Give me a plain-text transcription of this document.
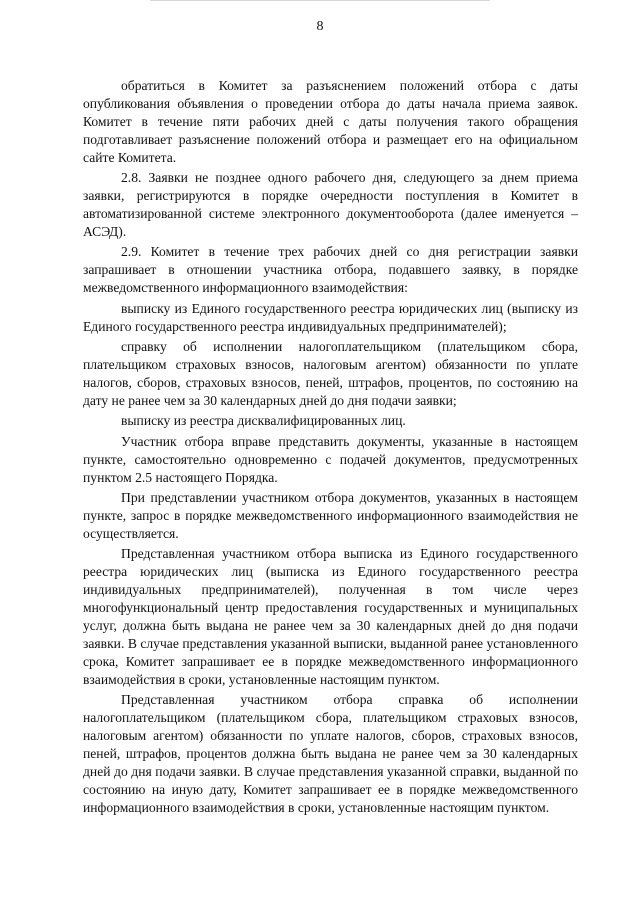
8

обратиться в Комитет за разъяснением положений отбора с даты опубликования объявления о проведении отбора до даты начала приема заявок. Комитет в течение пяти рабочих дней с даты получения такого обращения подготавливает разъяснение положений отбора и размещает его на официальном сайте Комитета.

2.8. Заявки не позднее одного рабочего дня, следующего за днем приема заявки, регистрируются в порядке очередности поступления в Комитет в автоматизированной системе электронного документооборота (далее именуется – АСЭД).

2.9. Комитет в течение трех рабочих дней со дня регистрации заявки запрашивает в отношении участника отбора, подавшего заявку, в порядке межведомственного информационного взаимодействия:

выписку из Единого государственного реестра юридических лиц (выписку из Единого государственного реестра индивидуальных предпринимателей);

справку об исполнении налогоплательщиком (плательщиком сбора, плательщиком страховых взносов, налоговым агентом) обязанности по уплате налогов, сборов, страховых взносов, пеней, штрафов, процентов, по состоянию на дату не ранее чем за 30 календарных дней до дня подачи заявки;

выписку из реестра дисквалифицированных лиц.

Участник отбора вправе представить документы, указанные в настоящем пункте, самостоятельно одновременно с подачей документов, предусмотренных пунктом 2.5 настоящего Порядка.

При представлении участником отбора документов, указанных в настоящем пункте, запрос в порядке межведомственного информационного взаимодействия не осуществляется.

Представленная участником отбора выписка из Единого государственного реестра юридических лиц (выписка из Единого государственного реестра индивидуальных предпринимателей), полученная в том числе через многофункциональный центр предоставления государственных и муниципальных услуг, должна быть выдана не ранее чем за 30 календарных дней до дня подачи заявки. В случае представления указанной выписки, выданной ранее установленного срока, Комитет запрашивает ее в порядке межведомственного информационного взаимодействия в сроки, установленные настоящим пунктом.

Представленная участником отбора справка об исполнении налогоплательщиком (плательщиком сбора, плательщиком страховых взносов, налоговым агентом) обязанности по уплате налогов, сборов, страховых взносов, пеней, штрафов, процентов должна быть выдана не ранее чем за 30 календарных дней до дня подачи заявки. В случае представления указанной справки, выданной по состоянию на иную дату, Комитет запрашивает ее в порядке межведомственного информационного взаимодействия в сроки, установленные настоящим пунктом.
